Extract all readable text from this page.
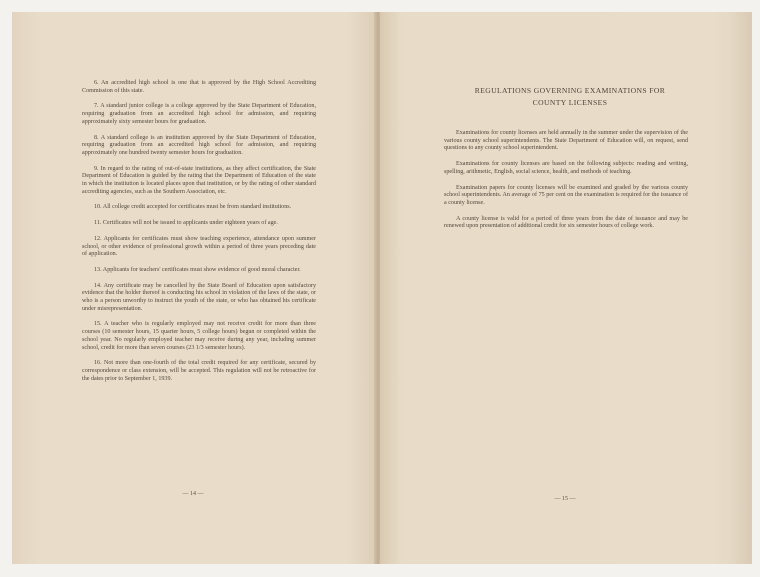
6. An accredited high school is one that is approved by the High School Accrediting Commission of this state.

7. A standard junior college is a college approved by the State Department of Education, requiring graduation from an accredited high school for admission, and requiring approximately sixty semester hours for graduation.

8. A standard college is an institution approved by the State Department of Education, requiring graduation from an accredited high school for admission, and requiring approximately one hundred twenty semester hours for graduation.

9. In regard to the rating of out-of-state institutions, as they affect certification, the State Department of Education is guided by the rating that the Department of Education of the state in which the institution is located places upon that institution, or by the rating of other standard accrediting agencies, such as the Southern Association, etc.

10. All college credit accepted for certificates must be from standard institutions.

11. Certificates will not be issued to applicants under eighteen years of age.

12. Applicants for certificates must show teaching experience, attendance upon summer school, or other evidence of professional growth within a period of three years preceding date of application.

13. Applicants for teachers' certificates must show evidence of good moral character.

14. Any certificate may be cancelled by the State Board of Education upon satisfactory evidence that the holder thereof is conducting his school in violation of the laws of the state, or who is a person unworthy to instruct the youth of the state, or who has obtained his certificate under misrepresentation.

15. A teacher who is regularly employed may not receive credit for more than three courses (10 semester hours, 15 quarter hours, 5 college hours) begun or completed within the school year. No regularly employed teacher may receive during any year, including summer school, credit for more than seven courses (23 1/3 semester hours).

16. Not more than one-fourth of the total credit required for any certificate, secured by correspondence or class extension, will be accepted. This regulation will not be retroactive for the dates prior to September 1, 1939.

— 14 —
REGULATIONS GOVERNING EXAMINATIONS FOR
COUNTY LICENSES

Examinations for county licenses are held annually in the summer under the supervision of the various county school superintendents. The State Department of Education will, on request, send questions to any county school superintendent.

Examinations for county licenses are based on the following subjects: reading and writing, spelling, arithmetic, English, social science, health, and methods of teaching.

Examination papers for county licenses will be examined and graded by the various county school superintendents. An average of 75 per cent on the examination is required for the issuance of a county license.

A county license is valid for a period of three years from the date of issuance and may be renewed upon presentation of additional credit for six semester hours of college work.

— 15 —
